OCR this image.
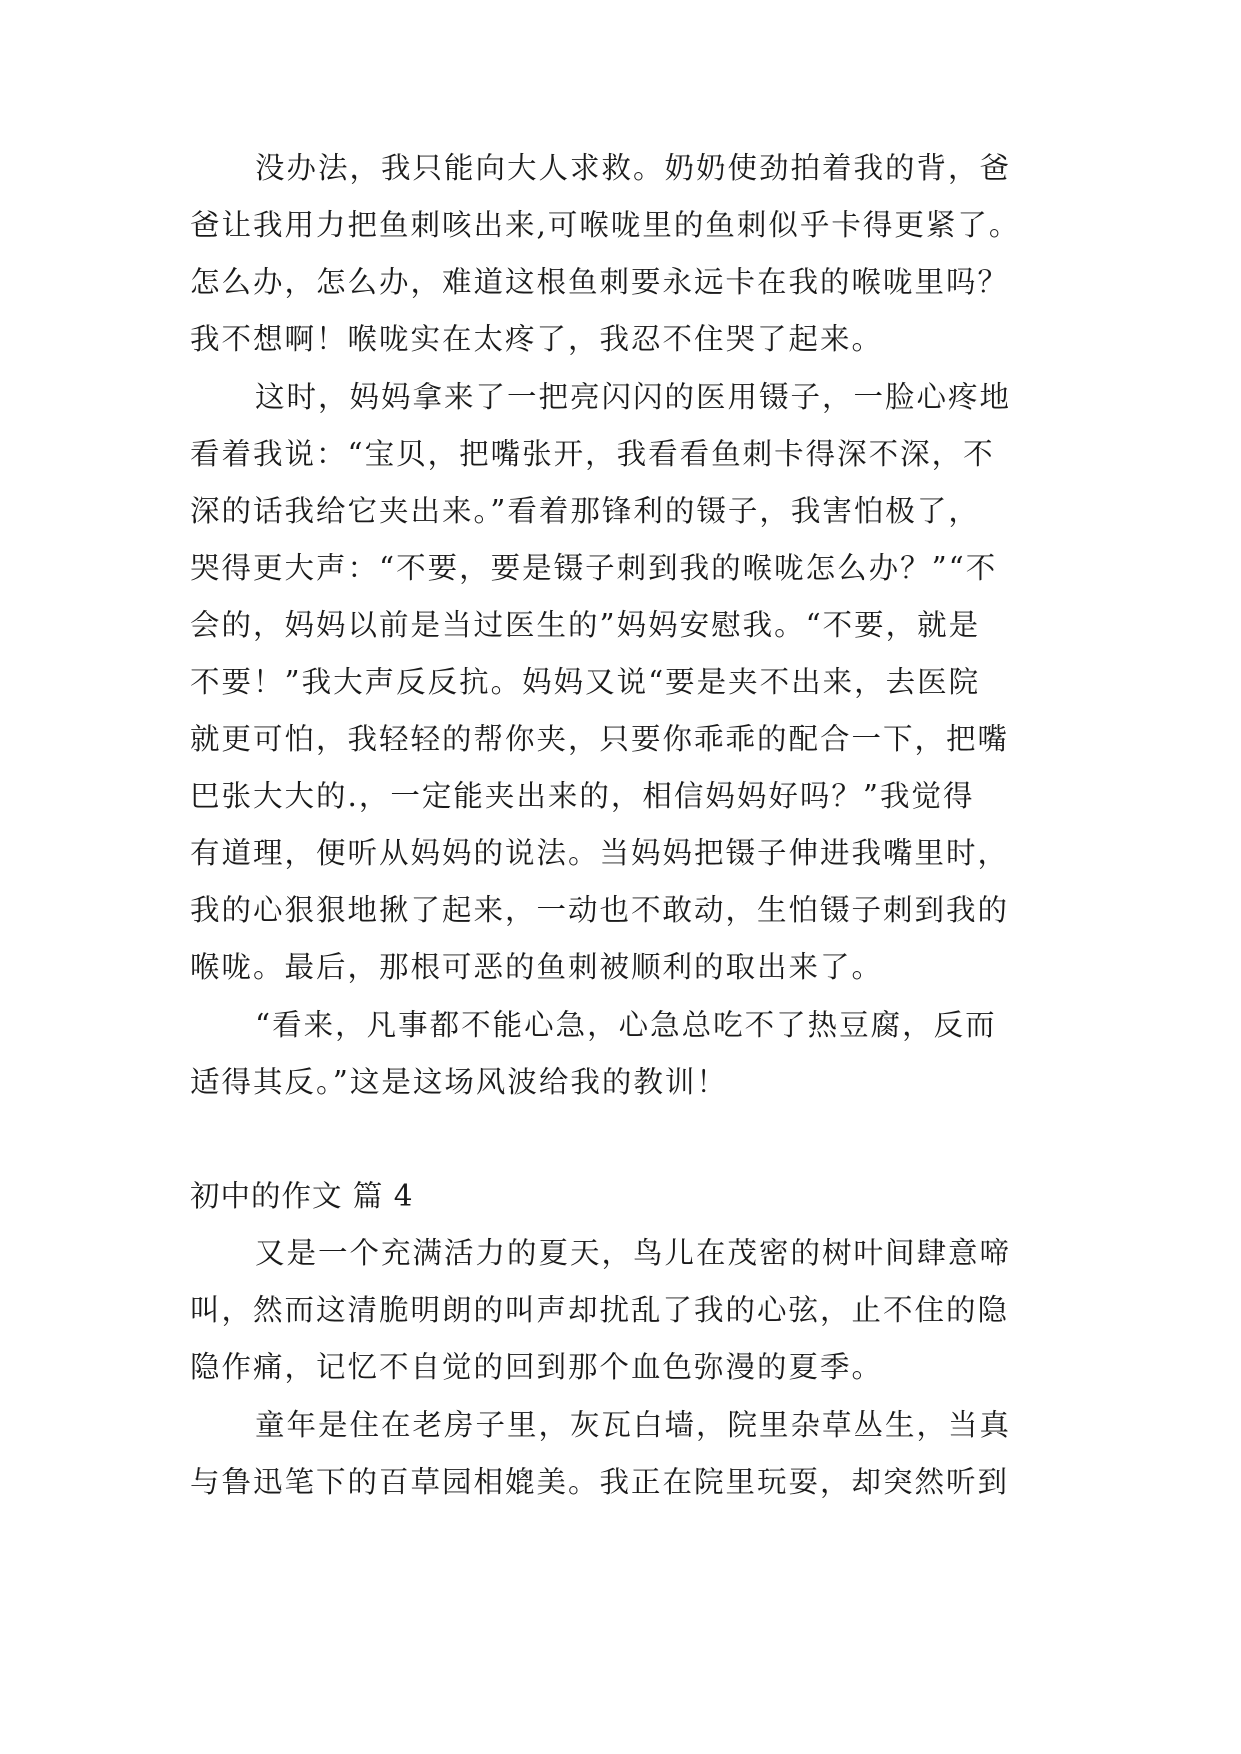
没办法，我只能向大人求救。奶奶使劲拍着我的背，爸
爸让我用力把鱼刺咳出来,可喉咙里的鱼刺似乎卡得更紧了。
怎么办，怎么办，难道这根鱼刺要永远卡在我的喉咙里吗？
我不想啊！喉咙实在太疼了，我忍不住哭了起来。
这时，妈妈拿来了一把亮闪闪的医用镊子，一脸心疼地
看着我说：“宝贝，把嘴张开，我看看鱼刺卡得深不深，不
深的话我给它夹出来。”看着那锋利的镊子，我害怕极了，
哭得更大声：“不要，要是镊子刺到我的喉咙怎么办？”“不
会的，妈妈以前是当过医生的”妈妈安慰我。“不要，就是
不要！”我大声反反抗。妈妈又说“要是夹不出来，去医院
就更可怕，我轻轻的帮你夹，只要你乖乖的配合一下，把嘴
巴张大大的.，一定能夹出来的，相信妈妈好吗？”我觉得
有道理，便听从妈妈的说法。当妈妈把镊子伸进我嘴里时，
我的心狠狠地揪了起来，一动也不敢动，生怕镊子刺到我的
喉咙。最后，那根可恶的鱼刺被顺利的取出来了。
“看来，凡事都不能心急，心急总吃不了热豆腐，反而
适得其反。”这是这场风波给我的教训！
初中的作文 篇 4
又是一个充满活力的夏天，鸟儿在茂密的树叶间肆意啼
叫，然而这清脆明朗的叫声却扰乱了我的心弦，止不住的隐
隐作痛，记忆不自觉的回到那个血色弥漫的夏季。
童年是住在老房子里，灰瓦白墙，院里杂草丛生，当真
与鲁迅笔下的百草园相媲美。我正在院里玩耍，却突然听到
